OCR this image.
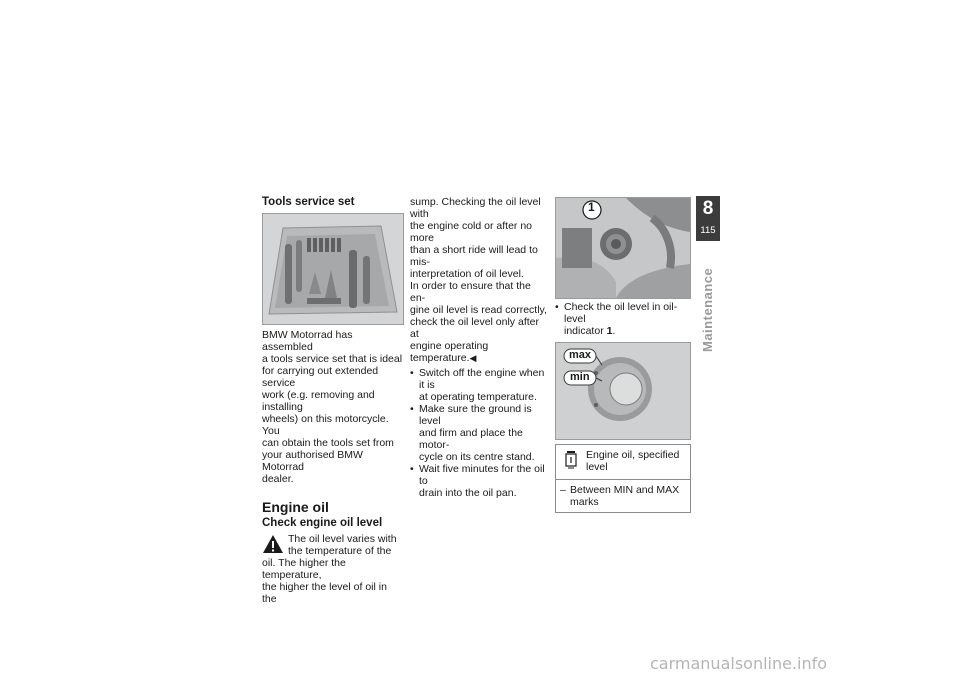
Tools service set

BMW Motorrad has assembled
a tools service set that is ideal
for carrying out extended service
work (e.g. removing and installing
wheels) on this motorcycle. You
can obtain the tools set from
your authorised BMW Motorrad
dealer.

Engine oil
Check engine oil level
The oil level varies with
the temperature of the
oil. The higher the temperature,
the higher the level of oil in the

sump. Checking the oil level with
the engine cold or after no more
than a short ride will lead to mis-
interpretation of oil level.
In order to ensure that the en-
gine oil level is read correctly,
check the oil level only after at
engine operating temperature.◀

• Switch off the engine when it is
at operating temperature.
• Make sure the ground is level
and firm and place the motor-
cycle on its centre stand.
• Wait five minutes for the oil to
drain into the oil pan.
1
• Check the oil level in oil-level
indicator 1.
max
min
Engine oil, specified level
– Between MIN and MAX
marks
8
115
Maintenance
carmanualsonline.info
